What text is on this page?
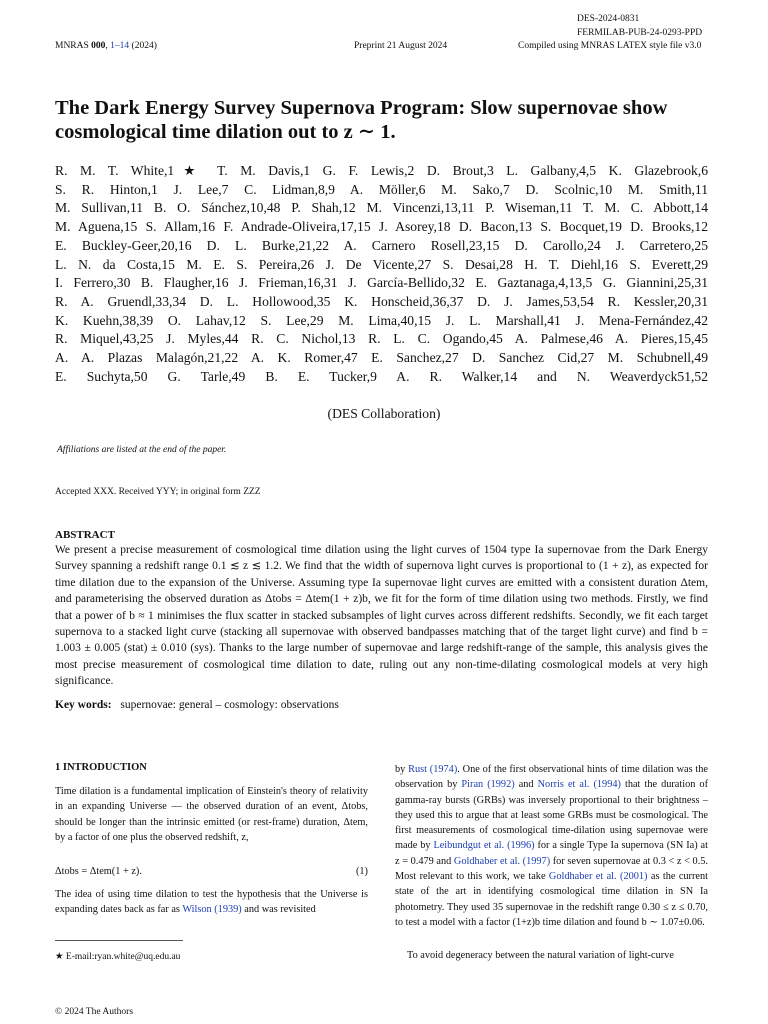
DES-2024-0831
FERMILAB-PUB-24-0293-PPD
MNRAS 000, 1–14 (2024)	Preprint 21 August 2024	Compiled using MNRAS LATEX style file v3.0
The Dark Energy Survey Supernova Program: Slow supernovae show cosmological time dilation out to z ∼ 1.
R. M. T. White,1★ T. M. Davis,1 G. F. Lewis,2 D. Brout,3 L. Galbany,4,5 K. Glazebrook,6
S. R. Hinton,1 J. Lee,7 C. Lidman,8,9 A. Möller,6 M. Sako,7 D. Scolnic,10 M. Smith,11
M. Sullivan,11 B. O. Sánchez,10,48 P. Shah,12 M. Vincenzi,13,11 P. Wiseman,11 T. M. C. Abbott,14
M. Aguena,15 S. Allam,16 F. Andrade-Oliveira,17,15 J. Asorey,18 D. Bacon,13 S. Bocquet,19 D. Brooks,12
E. Buckley-Geer,20,16 D. L. Burke,21,22 A. Carnero Rosell,23,15 D. Carollo,24 J. Carretero,25
L. N. da Costa,15 M. E. S. Pereira,26 J. De Vicente,27 S. Desai,28 H. T. Diehl,16 S. Everett,29
I. Ferrero,30 B. Flaugher,16 J. Frieman,16,31 J. García-Bellido,32 E. Gaztanaga,4,13,5 G. Giannini,25,31
R. A. Gruendl,33,34 D. L. Hollowood,35 K. Honscheid,36,37 D. J. James,53,54 R. Kessler,20,31
K. Kuehn,38,39 O. Lahav,12 S. Lee,29 M. Lima,40,15 J. L. Marshall,41 J. Mena-Fernández,42
R. Miquel,43,25 J. Myles,44 R. C. Nichol,13 R. L. C. Ogando,45 A. Palmese,46 A. Pieres,15,45
A. A. Plazas Malagón,21,22 A. K. Romer,47 E. Sanchez,27 D. Sanchez Cid,27 M. Schubnell,49
E. Suchyta,50 G. Tarle,49 B. E. Tucker,9 A. R. Walker,14 and N. Weaverdyck51,52
(DES Collaboration)
Affiliations are listed at the end of the paper.
Accepted XXX. Received YYY; in original form ZZZ
ABSTRACT
We present a precise measurement of cosmological time dilation using the light curves of 1504 type Ia supernovae from the Dark Energy Survey spanning a redshift range 0.1 ≲ z ≲ 1.2. We find that the width of supernova light curves is proportional to (1 + z), as expected for time dilation due to the expansion of the Universe. Assuming type Ia supernovae light curves are emitted with a consistent duration Δtem, and parameterising the observed duration as Δtobs = Δtem(1 + z)b, we fit for the form of time dilation using two methods. Firstly, we find that a power of b ≈ 1 minimises the flux scatter in stacked subsamples of light curves across different redshifts. Secondly, we fit each target supernova to a stacked light curve (stacking all supernovae with observed bandpasses matching that of the target light curve) and find b = 1.003 ± 0.005 (stat) ± 0.010 (sys). Thanks to the large number of supernovae and large redshift-range of the sample, this analysis gives the most precise measurement of cosmological time dilation to date, ruling out any non-time-dilating cosmological models at very high significance.
Key words: supernovae: general – cosmology: observations
1 INTRODUCTION
Time dilation is a fundamental implication of Einstein's theory of relativity in an expanding Universe — the observed duration of an event, Δtobs, should be longer than the intrinsic emitted (or rest-frame) duration, Δtem, by a factor of one plus the observed redshift, z,
Δtobs = Δtem(1 + z).	(1)
The idea of using time dilation to test the hypothesis that the Universe is expanding dates back as far as Wilson (1939) and was revisited
★ E-mail:ryan.white@uq.edu.au
© 2024 The Authors
by Rust (1974). One of the first observational hints of time dilation was the observation by Piran (1992) and Norris et al. (1994) that the duration of gamma-ray bursts (GRBs) was inversely proportional to their brightness – they used this to argue that at least some GRBs must be cosmological. The first measurements of cosmological time-dilation using supernovae were made by Leibundgut et al. (1996) for a single Type Ia supernova (SN Ia) at z = 0.479 and Goldhaber et al. (1997) for seven supernovae at 0.3 < z < 0.5. Most relevant to this work, we take Goldhaber et al. (2001) as the current state of the art in identifying cosmological time dilation in SN Ia photometry. They used 35 supernovae in the redshift range 0.30 ≤ z ≤ 0.70, to test a model with a factor (1+z)b time dilation and found b ∼ 1.07±0.06.
To avoid degeneracy between the natural variation of light-curve
